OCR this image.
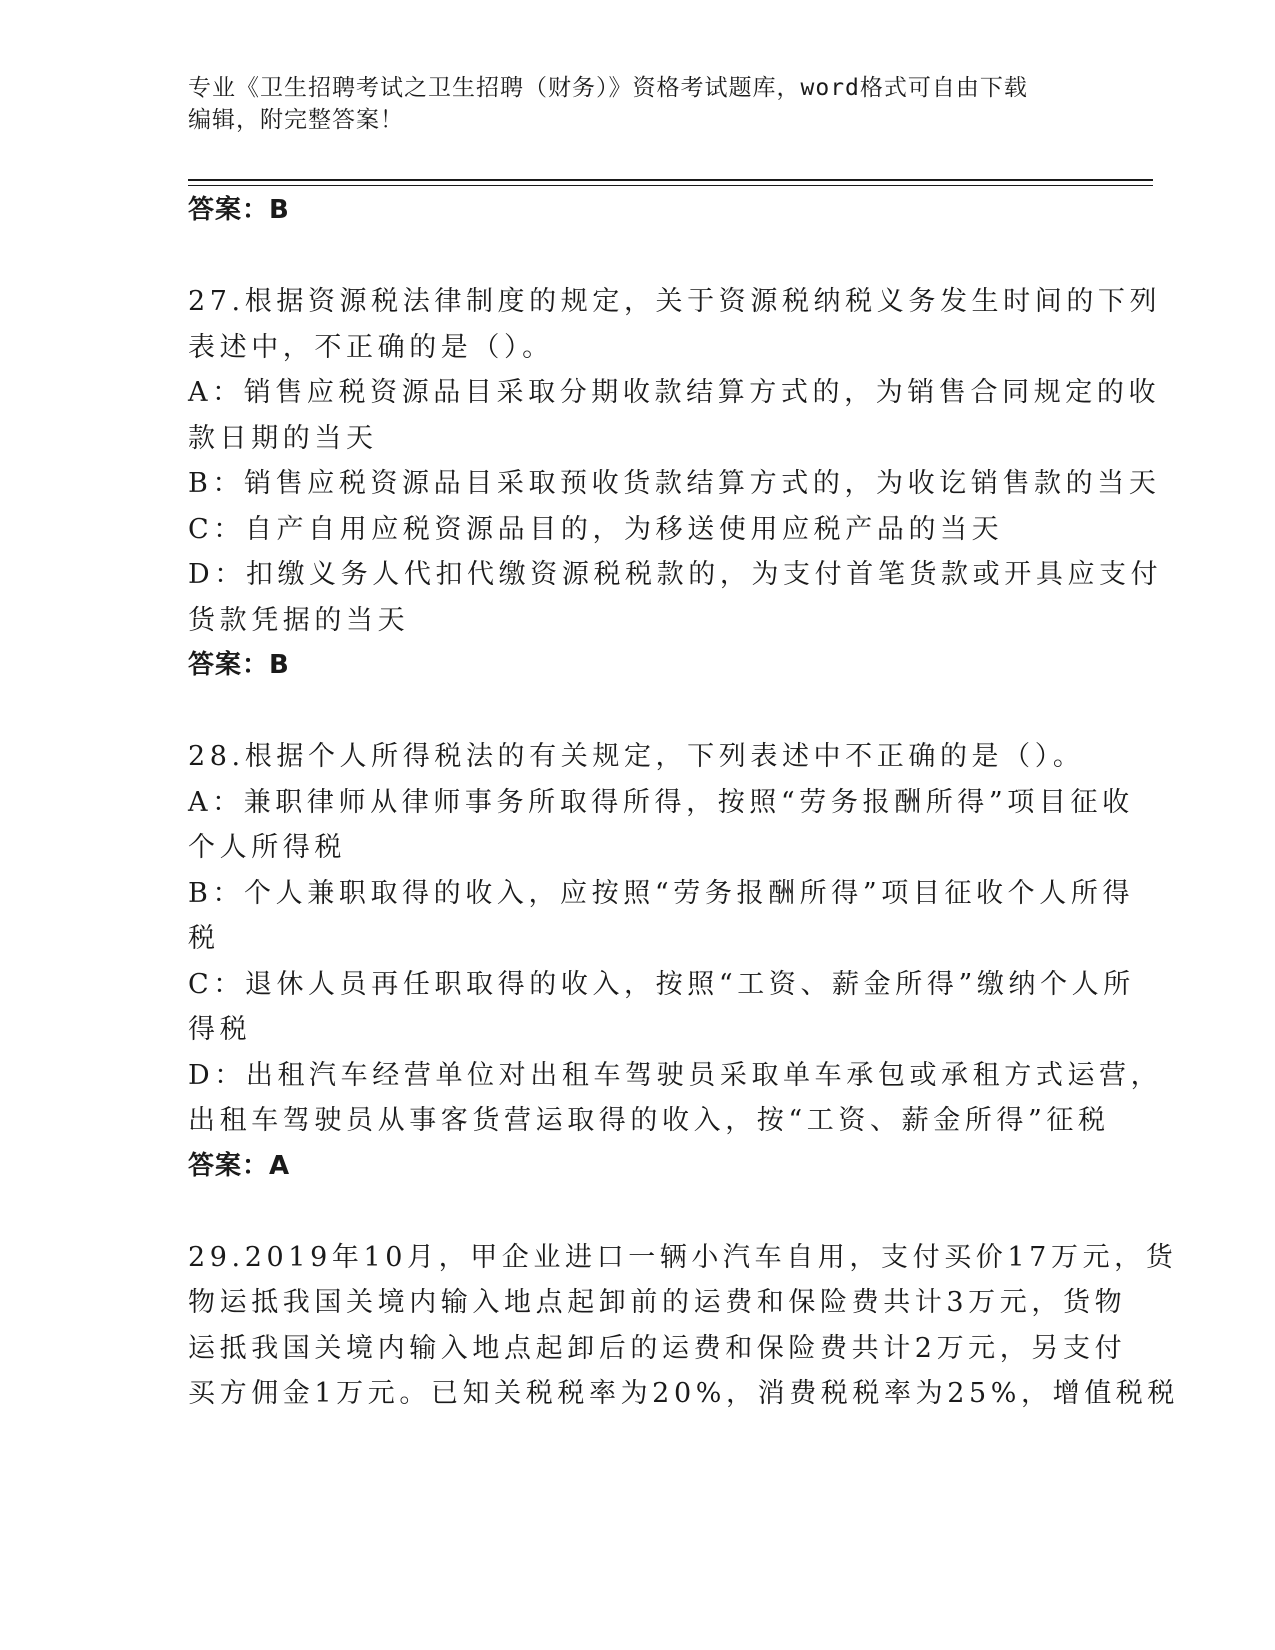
专业《卫生招聘考试之卫生招聘（财务）》资格考试题库，word格式可自由下载
编辑，附完整答案！
答案：B
27.根据资源税法律制度的规定，关于资源税纳税义务发生时间的下列
表述中，不正确的是（）。
A：销售应税资源品目采取分期收款结算方式的，为销售合同规定的收
款日期的当天
B：销售应税资源品目采取预收货款结算方式的，为收讫销售款的当天
C：自产自用应税资源品目的，为移送使用应税产品的当天
D：扣缴义务人代扣代缴资源税税款的，为支付首笔货款或开具应支付
货款凭据的当天
答案：B
28.根据个人所得税法的有关规定，下列表述中不正确的是（）。
A：兼职律师从律师事务所取得所得，按照“劳务报酬所得”项目征收
个人所得税
B：个人兼职取得的收入，应按照“劳务报酬所得”项目征收个人所得
税
C：退休人员再任职取得的收入，按照“工资、薪金所得”缴纳个人所
得税
D：出租汽车经营单位对出租车驾驶员采取单车承包或承租方式运营，
出租车驾驶员从事客货营运取得的收入，按“工资、薪金所得”征税
答案：A
29.2019年10月，甲企业进口一辆小汽车自用，支付买价17万元，货
物运抵我国关境内输入地点起卸前的运费和保险费共计3万元，货物
运抵我国关境内输入地点起卸后的运费和保险费共计2万元，另支付
买方佣金1万元。已知关税税率为20%，消费税税率为25%，增值税税
